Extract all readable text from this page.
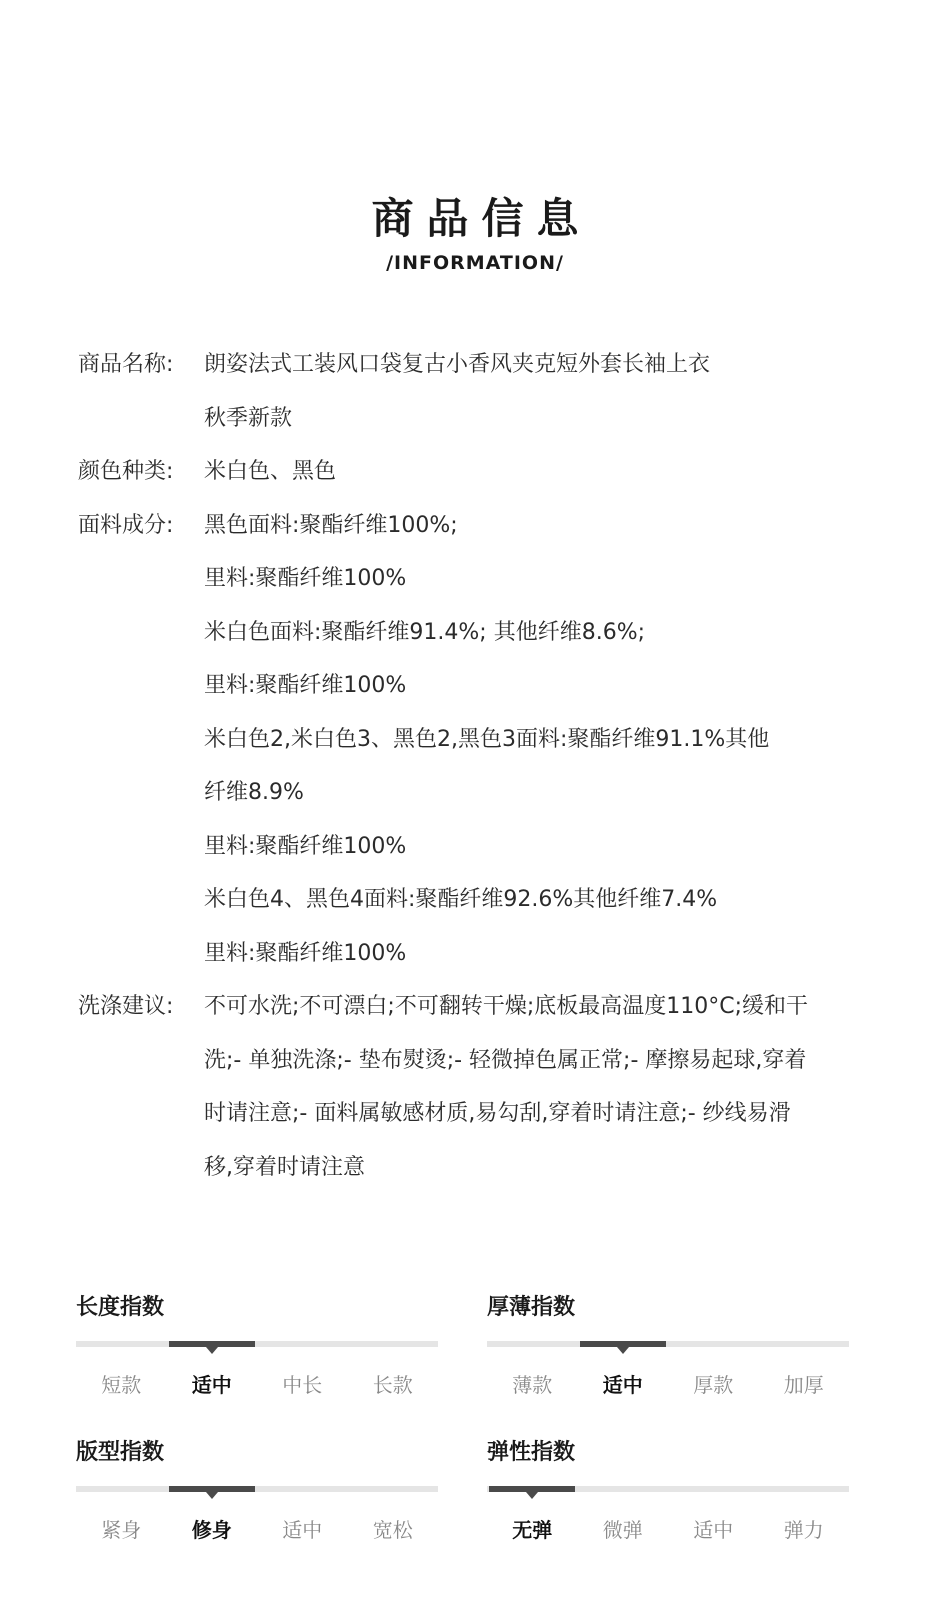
商品信息
/INFORMATION/
商品名称:	朗姿法式工装风口袋复古小香风夹克短外套长袖上衣
秋季新款
颜色种类:	米白色、黑色
面料成分:	黑色面料:聚酯纤维100%;
里料:聚酯纤维100%
米白色面料:聚酯纤维91.4%; 其他纤维8.6%;
里料:聚酯纤维100%
米白色2,米白色3、黑色2,黑色3面料:聚酯纤维91.1%其他
纤维8.9%
里料:聚酯纤维100%
米白色4、黑色4面料:聚酯纤维92.6%其他纤维7.4%
里料:聚酯纤维100%
洗涤建议:	不可水洗;不可漂白;不可翻转干燥;底板最高温度110°C;缓和干
洗;- 单独洗涤;- 垫布熨烫;- 轻微掉色属正常;- 摩擦易起球,穿着
时请注意;- 面料属敏感材质,易勾刮,穿着时请注意;- 纱线易滑
移,穿着时请注意
长度指数
短款	适中	中长	长款
厚薄指数
薄款	适中	厚款	加厚
版型指数
紧身	修身	适中	宽松
弹性指数
无弹	微弹	适中	弹力
